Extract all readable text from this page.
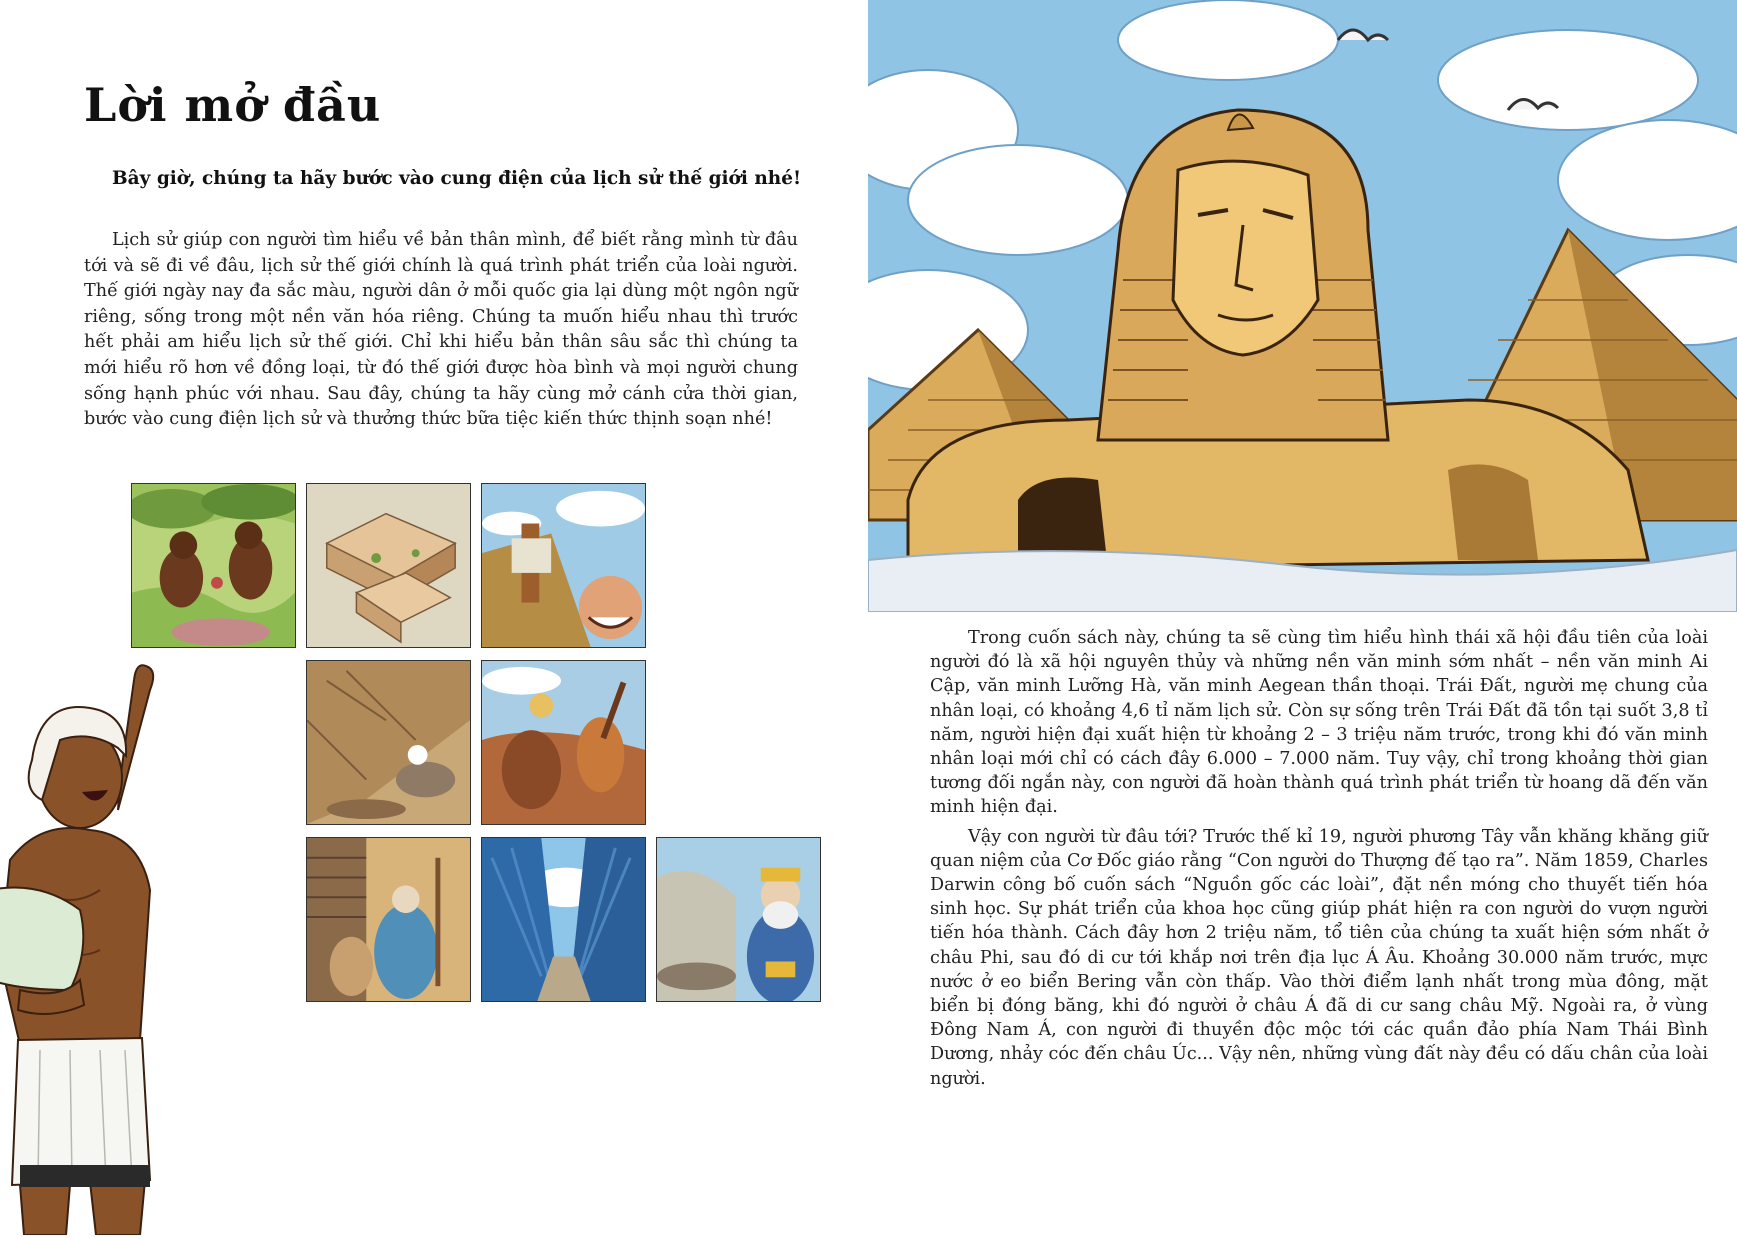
Lời mở đầu

Bây giờ, chúng ta hãy bước vào cung điện của lịch sử thế giới nhé!

Lịch sử giúp con người tìm hiểu về bản thân mình, để biết rằng mình từ đâu tới và sẽ đi về đâu, lịch sử thế giới chính là quá trình phát triển của loài người. Thế giới ngày nay đa sắc màu, người dân ở mỗi quốc gia lại dùng một ngôn ngữ riêng, sống trong một nền văn hóa riêng. Chúng ta muốn hiểu nhau thì trước hết phải am hiểu lịch sử thế giới. Chỉ khi hiểu bản thân sâu sắc thì chúng ta mới hiểu rõ hơn về đồng loại, từ đó thế giới được hòa bình và mọi người chung sống hạnh phúc với nhau. Sau đây, chúng ta hãy cùng mở cánh cửa thời gian, bước vào cung điện lịch sử và thưởng thức bữa tiệc kiến thức thịnh soạn nhé!

Trong cuốn sách này, chúng ta sẽ cùng tìm hiểu hình thái xã hội đầu tiên của loài người đó là xã hội nguyên thủy và những nền văn minh sớm nhất – nền văn minh Ai Cập, văn minh Lưỡng Hà, văn minh Aegean thần thoại. Trái Đất, người mẹ chung của nhân loại, có khoảng 4,6 tỉ năm lịch sử. Còn sự sống trên Trái Đất đã tồn tại suốt 3,8 tỉ năm, người hiện đại xuất hiện từ khoảng 2 – 3 triệu năm trước, trong khi đó văn minh nhân loại mới chỉ có cách đây 6.000 – 7.000 năm. Tuy vậy, chỉ trong khoảng thời gian tương đối ngắn này, con người đã hoàn thành quá trình phát triển từ hoang dã đến văn minh hiện đại.

Vậy con người từ đâu tới? Trước thế kỉ 19, người phương Tây vẫn khăng khăng giữ quan niệm của Cơ Đốc giáo rằng “Con người do Thượng đế tạo ra”. Năm 1859, Charles Darwin công bố cuốn sách “Nguồn gốc các loài”, đặt nền móng cho thuyết tiến hóa sinh học. Sự phát triển của khoa học cũng giúp phát hiện ra con người do vượn người tiến hóa thành. Cách đây hơn 2 triệu năm, tổ tiên của chúng ta xuất hiện sớm nhất ở châu Phi, sau đó di cư tới khắp nơi trên địa lục Á Âu. Khoảng 30.000 năm trước, mực nước ở eo biển Bering vẫn còn thấp. Vào thời điểm lạnh nhất trong mùa đông, mặt biển bị đóng băng, khi đó người ở châu Á đã di cư sang châu Mỹ. Ngoài ra, ở vùng Đông Nam Á, con người đi thuyền độc mộc tới các quần đảo phía Nam Thái Bình Dương, nhảy cóc đến châu Úc... Vậy nên, những vùng đất này đều có dấu chân của loài người.
